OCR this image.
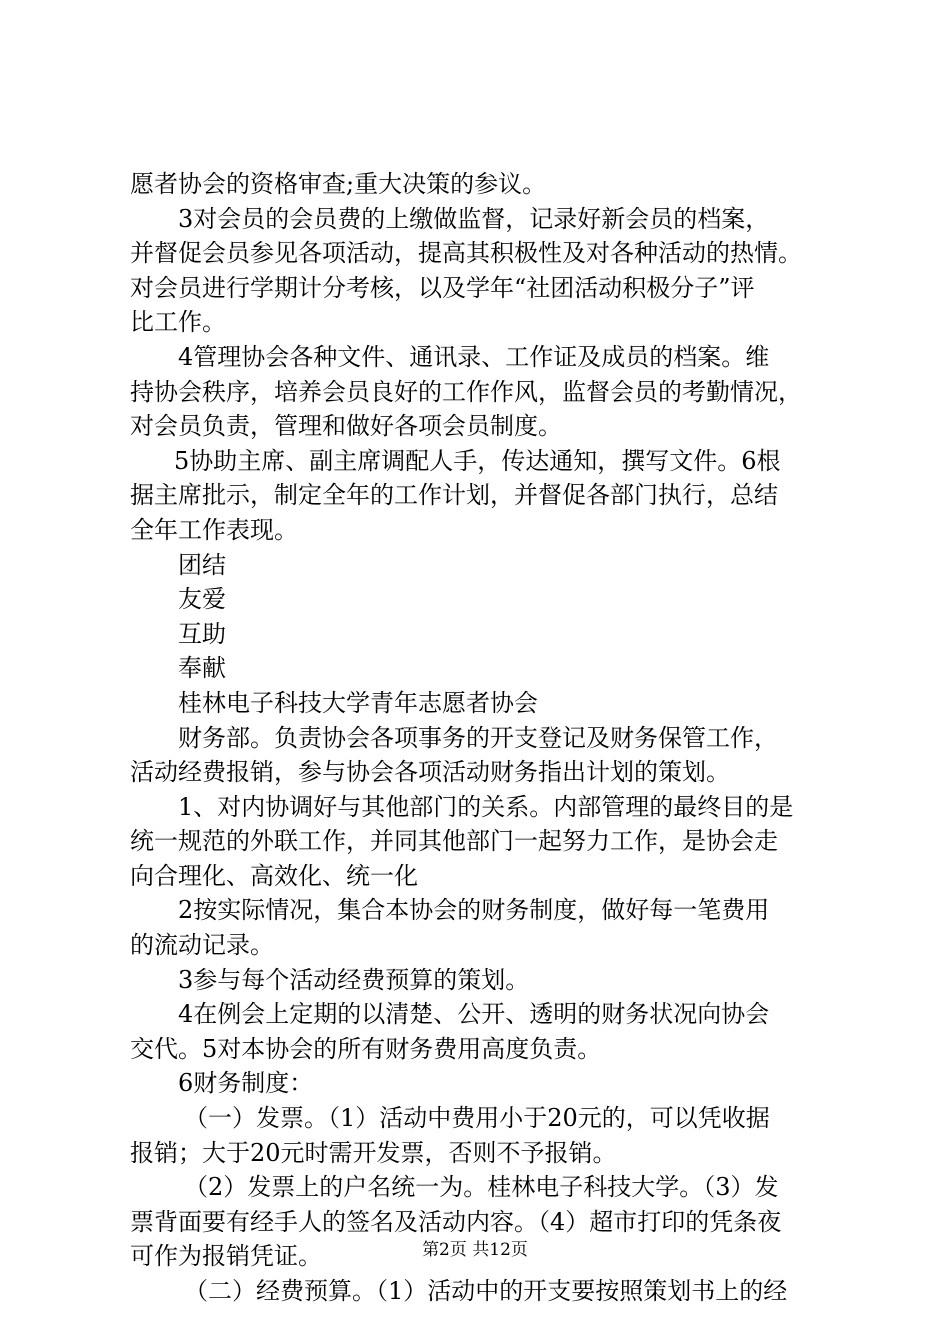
愿者协会的资格审查;重大决策的参议。
3对会员的会员费的上缴做监督，记录好新会员的档案，
并督促会员参见各项活动，提高其积极性及对各种活动的热情。
对会员进行学期计分考核，以及学年“社团活动积极分子”评
比工作。
4管理协会各种文件、通讯录、工作证及成员的档案。维
持协会秩序，培养会员良好的工作作风，监督会员的考勤情况，
对会员负责，管理和做好各项会员制度。
5协助主席、副主席调配人手，传达通知，撰写文件。6根
据主席批示，制定全年的工作计划，并督促各部门执行，总结
全年工作表现。
团结
友爱
互助
奉献
桂林电子科技大学青年志愿者协会
财务部。负责协会各项事务的开支登记及财务保管工作，
活动经费报销，参与协会各项活动财务指出计划的策划。
1、对内协调好与其他部门的关系。内部管理的最终目的是
统一规范的外联工作，并同其他部门一起努力工作，是协会走
向合理化、高效化、统一化
2按实际情况，集合本协会的财务制度，做好每一笔费用
的流动记录。
3参与每个活动经费预算的策划。
4在例会上定期的以清楚、公开、透明的财务状况向协会
交代。5对本协会的所有财务费用高度负责。
6财务制度：
（一）发票。（1）活动中费用小于20元的，可以凭收据
报销；大于20元时需开发票，否则不予报销。
（2）发票上的户名统一为。桂林电子科技大学。（3）发
票背面要有经手人的签名及活动内容。（4）超市打印的凭条夜
可作为报销凭证。
（二）经费预算。（1）活动中的开支要按照策划书上的经
第2页 共12页
